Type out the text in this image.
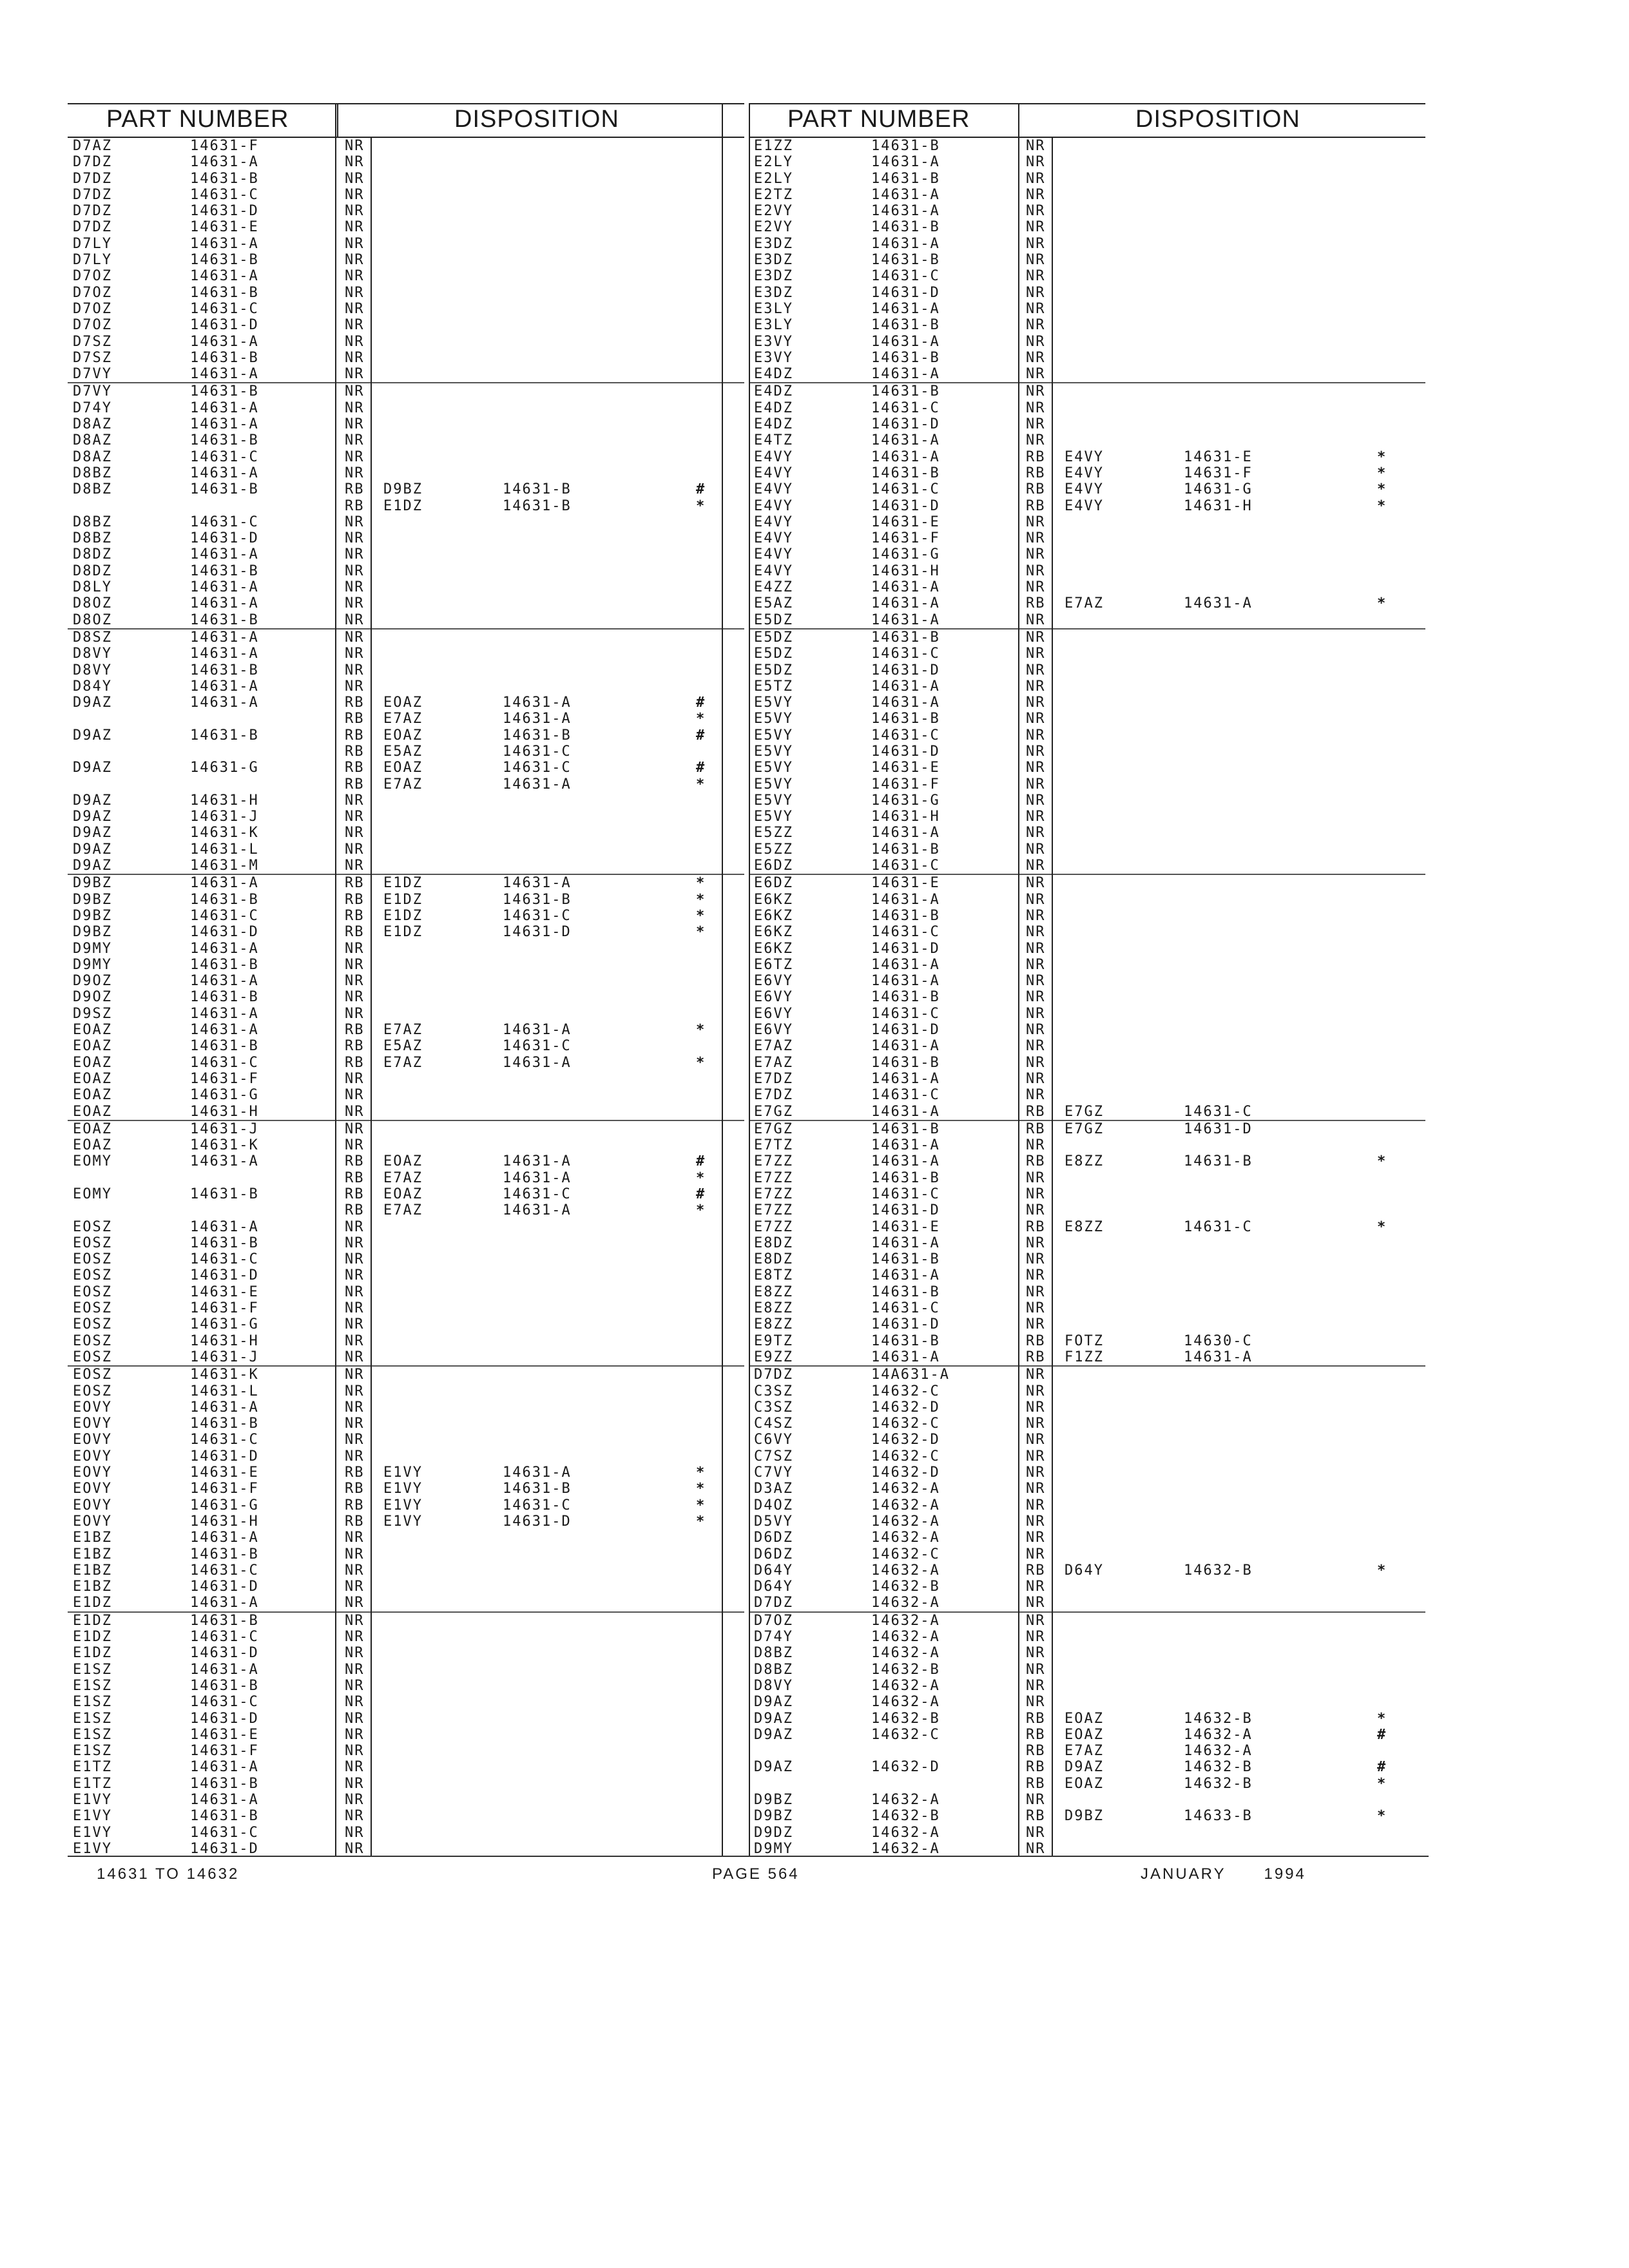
PART NUMBER	DISPOSITION
D7AZ	14631-F	NR
D7DZ	14631-A	NR
D7DZ	14631-B	NR
D7DZ	14631-C	NR
D7DZ	14631-D	NR
D7DZ	14631-E	NR
D7LY	14631-A	NR
D7LY	14631-B	NR
D7OZ	14631-A	NR
D7OZ	14631-B	NR
D7OZ	14631-C	NR
D7OZ	14631-D	NR
D7SZ	14631-A	NR
D7SZ	14631-B	NR
D7VY	14631-A	NR
D7VY	14631-B	NR
D74Y	14631-A	NR
D8AZ	14631-A	NR
D8AZ	14631-B	NR
D8AZ	14631-C	NR
D8BZ	14631-A	NR
D8BZ	14631-B	RB D9BZ	14631-B	#
RB E1DZ	14631-B	*
D8BZ	14631-C	NR
D8BZ	14631-D	NR
D8DZ	14631-A	NR
D8DZ	14631-B	NR
D8LY	14631-A	NR
D8OZ	14631-A	NR
D8OZ	14631-B	NR
D8SZ	14631-A	NR
D8VY	14631-A	NR
D8VY	14631-B	NR
D84Y	14631-A	NR
D9AZ	14631-A	RB EOAZ	14631-A	#
RB E7AZ	14631-A	*
D9AZ	14631-B	RB EOAZ	14631-B	#
RB E5AZ	14631-C
D9AZ	14631-G	RB EOAZ	14631-C	#
RB E7AZ	14631-A	*
D9AZ	14631-H	NR
D9AZ	14631-J	NR
D9AZ	14631-K	NR
D9AZ	14631-L	NR
D9AZ	14631-M	NR
D9BZ	14631-A	RB E1DZ	14631-A	*
D9BZ	14631-B	RB E1DZ	14631-B	*
D9BZ	14631-C	RB E1DZ	14631-C	*
D9BZ	14631-D	RB E1DZ	14631-D	*
D9MY	14631-A	NR
D9MY	14631-B	NR
D9OZ	14631-A	NR
D9OZ	14631-B	NR
D9SZ	14631-A	NR
EOAZ	14631-A	RB E7AZ	14631-A	*
EOAZ	14631-B	RB E5AZ	14631-C
EOAZ	14631-C	RB E7AZ	14631-A	*
EOAZ	14631-F	NR
EOAZ	14631-G	NR
EOAZ	14631-H	NR
EOAZ	14631-J	NR
EOAZ	14631-K	NR
EOMY	14631-A	RB EOAZ	14631-A	#
RB E7AZ	14631-A	*
EOMY	14631-B	RB EOAZ	14631-C	#
RB E7AZ	14631-A	*
EOSZ	14631-A	NR
EOSZ	14631-B	NR
EOSZ	14631-C	NR
EOSZ	14631-D	NR
EOSZ	14631-E	NR
EOSZ	14631-F	NR
EOSZ	14631-G	NR
EOSZ	14631-H	NR
EOSZ	14631-J	NR
EOSZ	14631-K	NR
EOSZ	14631-L	NR
EOVY	14631-A	NR
EOVY	14631-B	NR
EOVY	14631-C	NR
EOVY	14631-D	NR
EOVY	14631-E	RB E1VY	14631-A	*
EOVY	14631-F	RB E1VY	14631-B	*
EOVY	14631-G	RB E1VY	14631-C	*
EOVY	14631-H	RB E1VY	14631-D	*
E1BZ	14631-A	NR
E1BZ	14631-B	NR
E1BZ	14631-C	NR
E1BZ	14631-D	NR
E1DZ	14631-A	NR
E1DZ	14631-B	NR
E1DZ	14631-C	NR
E1DZ	14631-D	NR
E1SZ	14631-A	NR
E1SZ	14631-B	NR
E1SZ	14631-C	NR
E1SZ	14631-D	NR
E1SZ	14631-E	NR
E1SZ	14631-F	NR
E1TZ	14631-A	NR
E1TZ	14631-B	NR
E1VY	14631-A	NR
E1VY	14631-B	NR
E1VY	14631-C	NR
E1VY	14631-D	NR
PART NUMBER	DISPOSITION
E1ZZ	14631-B	NR
E2LY	14631-A	NR
E2LY	14631-B	NR
E2TZ	14631-A	NR
E2VY	14631-A	NR
E2VY	14631-B	NR
E3DZ	14631-A	NR
E3DZ	14631-B	NR
E3DZ	14631-C	NR
E3DZ	14631-D	NR
E3LY	14631-A	NR
E3LY	14631-B	NR
E3VY	14631-A	NR
E3VY	14631-B	NR
E4DZ	14631-A	NR
E4DZ	14631-B	NR
E4DZ	14631-C	NR
E4DZ	14631-D	NR
E4TZ	14631-A	NR
E4VY	14631-A	RB E4VY	14631-E	*
E4VY	14631-B	RB E4VY	14631-F	*
E4VY	14631-C	RB E4VY	14631-G	*
E4VY	14631-D	RB E4VY	14631-H	*
E4VY	14631-E	NR
E4VY	14631-F	NR
E4VY	14631-G	NR
E4VY	14631-H	NR
E4ZZ	14631-A	NR
E5AZ	14631-A	RB E7AZ	14631-A	*
E5DZ	14631-A	NR
E5DZ	14631-B	NR
E5DZ	14631-C	NR
E5DZ	14631-D	NR
E5TZ	14631-A	NR
E5VY	14631-A	NR
E5VY	14631-B	NR
E5VY	14631-C	NR
E5VY	14631-D	NR
E5VY	14631-E	NR
E5VY	14631-F	NR
E5VY	14631-G	NR
E5VY	14631-H	NR
E5ZZ	14631-A	NR
E5ZZ	14631-B	NR
E6DZ	14631-C	NR
E6DZ	14631-E	NR
E6KZ	14631-A	NR
E6KZ	14631-B	NR
E6KZ	14631-C	NR
E6KZ	14631-D	NR
E6TZ	14631-A	NR
E6VY	14631-A	NR
E6VY	14631-B	NR
E6VY	14631-C	NR
E6VY	14631-D	NR
E7AZ	14631-A	NR
E7AZ	14631-B	NR
E7DZ	14631-A	NR
E7DZ	14631-C	NR
E7GZ	14631-A	RB E7GZ	14631-C
E7GZ	14631-B	RB E7GZ	14631-D
E7TZ	14631-A	NR
E7ZZ	14631-A	RB E8ZZ	14631-B	*
E7ZZ	14631-B	NR
E7ZZ	14631-C	NR
E7ZZ	14631-D	NR
E7ZZ	14631-E	RB E8ZZ	14631-C	*
E8DZ	14631-A	NR
E8DZ	14631-B	NR
E8TZ	14631-A	NR
E8ZZ	14631-B	NR
E8ZZ	14631-C	NR
E8ZZ	14631-D	NR
E9TZ	14631-B	RB FOTZ	14630-C
E9ZZ	14631-A	RB F1ZZ	14631-A
D7DZ	14A631-A	NR
C3SZ	14632-C	NR
C3SZ	14632-D	NR
C4SZ	14632-C	NR
C6VY	14632-D	NR
C7SZ	14632-C	NR
C7VY	14632-D	NR
D3AZ	14632-A	NR
D4OZ	14632-A	NR
D5VY	14632-A	NR
D6DZ	14632-A	NR
D6DZ	14632-C	NR
D64Y	14632-A	RB D64Y	14632-B	*
D64Y	14632-B	NR
D7DZ	14632-A	NR
D7OZ	14632-A	NR
D74Y	14632-A	NR
D8BZ	14632-A	NR
D8BZ	14632-B	NR
D8VY	14632-A	NR
D9AZ	14632-A	NR
D9AZ	14632-B	RB EOAZ	14632-B	*
D9AZ	14632-C	RB EOAZ	14632-A	#
RB E7AZ	14632-A
D9AZ	14632-D	RB D9AZ	14632-B	#
RB EOAZ	14632-B	*
D9BZ	14632-A	NR
D9BZ	14632-B	RB D9BZ	14633-B	*
D9DZ	14632-A	NR
D9MY	14632-A	NR
14631 TO 14632	PAGE 564	JANUARY 1994
